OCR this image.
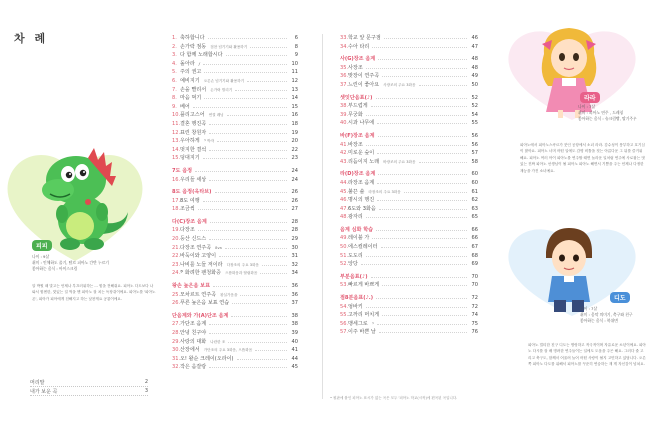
차 례
피피
나이 : 9살
취미 : 인체하도 줄기, 탐르 피아노 간반 누르기
좋아하는 음식 : 아이스크림
알 박힐 때 말고는 언제나 부끄러워하는 ... 힘을 전해줘요. 피아노 다도보다 나와서 힘센한, 맛있는 걸 먹을 땐 피아노 잘 치는 독장쥐이에요. 피아노를 '피아노 존', 피아가 피아에게 친해지고 하는 낮찬게요 공룡이에요.
머리말	2
내가 보운 곡	3
1. 축하합니다	6
2. 손가락 점동 점찬 넘기기와 활용하기	8
3. 다 함께 노래합시다	9
4. 돌아라 𝆑	10
5. 주의 권고	11
6. 예비지기 오른손 넘기기와 활용하기	12
7. 손을 빨리서 손가락 벌리기	13
8. 마음 먹기	14
9. 베어	15
10. 플리고스어 연결 레닝	16
11. 결혼 행진곡	18
12. 표린 창원자	19
13. 우아하게 𝄢 박자	20
14. 멋지한 결석	22
15. 딩대지기	23
7도 음정	24
16. 우리들 세상	24
8도 음정(옥타브)	26
17. 8도 여행	26
18. 조금씩	27
다(C)장조 음계	28
19. 다장조	28
20. 등산 신드스	29
21. 다장조 연주곡 8va	30
22. 바둑이와 고양이	31
23. 나비를 노들 저이라 다장조의 주요 3화음	32
24. 𝄢 화려한 팬청화증 으뜸화음과 딸림화음	34
왕손 높은음 보표	36
25. 모차르트 연주곡 왕실가음을	36
26. 푸른 높은음 보표 연습	37
단음계와 가(A)단조 음계	38
27. 가단조 음계	38
28. 안녕 친구야	39
29. 사랑의 대화 나란한 조	40
30. 산장에서 가단조의 주요 3화음, 으뜸화음	41
31. 오! 왈순 크레이(오라이)	44
32. 작은 음잘랑	45
33. 학교 앞 문구점	46
34. 수아 타리	47
사(G)장조 음계	48
35. 사장조	48
36. 맞장이 연주곡	49
37. 느린이 좋아요 사장조의 주요 3화음	50
셋잇단음표(♪)	52
38. 부드럽게	52
39. 무궁화	54
40. 시과 나무에	55
바(F)장조 음계	56
41. 바장조	56
42. 미로운 숲이	57
43. 리듬이지 노래 바장조의 주요 3화음	58
라(D)장조 음계	60
44. 라장조 음계	60
45. 불끈 솔 라장조의 주요 3화음	61
46. 명시의 행진	62
47. 6도와 3화음	63
48. 광자리	65
음계 심화 학습	66
49. 레이블 가	66
50. 에스컬레이터	67
51. 도도리	68
52. 앙당	69
부분음표(♪)	70
53. 빠르게 바쁘게	70
점8분음표(♪.)	72
54. 엉바키	72
55. 고까리 머치게	74
56. 맹세그로 𝄢	75
57. 이주 바쁜 날	76
• 원판에 붙인 피아노 표시가 없는 곡은 모두 '피아노 학교(시작)에 편곡된 곡입니다.
라라
나이 : 7살
취미 : 피아노 연주 , 드레칭
좋아하는 음식 : 슈크림빵, 딸기주우
피아노에서 피아노스쿠르가 붓인 공항에서 소녀 라라. 감수성이 풍부하고 호기심이 많아요. 피아노 너머 어떤 일에도 감명 비틀을 짓는 아름다운 그 뒤를 즐거워해요. 피아노 여러 아이 피아노를 연주할 때면 놀라운 일처럼 연주에 사로잡는 멋 있는 진짜 피아노 선생님이 될 피아노 피아노 해면서 기쁨을 주는 언제나 다정한 재능을 가진 소녀예요.
디도
나이 : 7살
취미 : 음악 의미기, 축구와 친구
좋아하는 음식 : 북위면
피아노 멀티한 친구 디도는 명랑하고 적극적이며 자유로운 소년이에요. 피아노 다시를 잘 배 명려한 연주들이는 일에도 도움을 주곤 해요. 그러다 줄 고리고 축구도, 함께서 어울려 늘어 어떤 사랑이 될지 고민하고 있답니다. 오른쪽 피아노 다도를 위해서 피아노를 꾸준히 연습하는 재 게 자신감이 넘쳐요.
